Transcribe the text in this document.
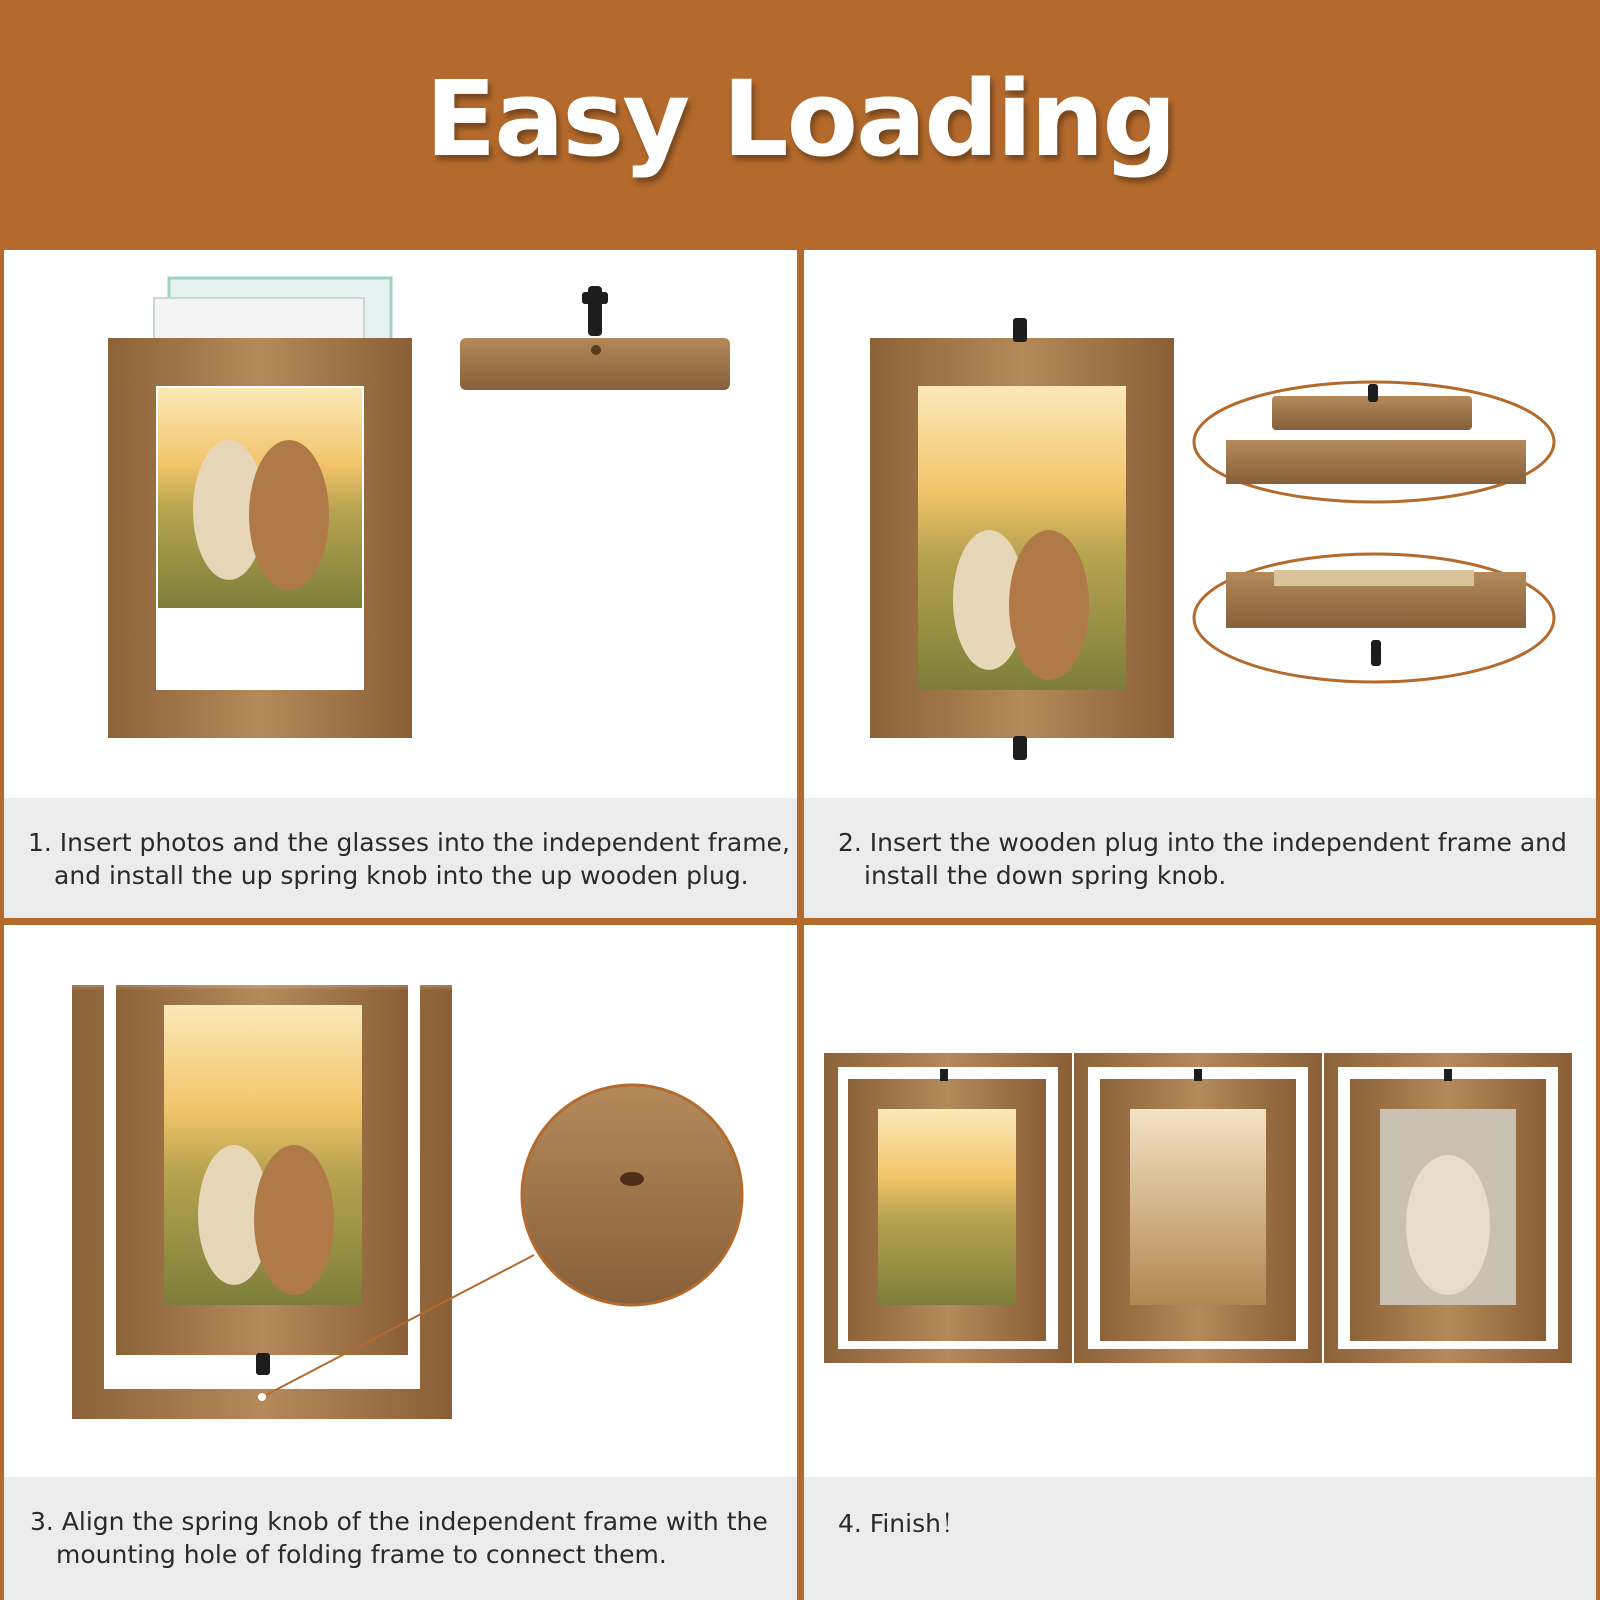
Easy Loading
1. Insert photos and the glasses into the independent frame,
and install the up spring knob into the up wooden plug.
2. Insert the wooden plug into the independent frame and
install the down spring knob.
3. Align the spring knob of the independent frame with the
mounting hole of folding frame to connect them.
4. Finish！
